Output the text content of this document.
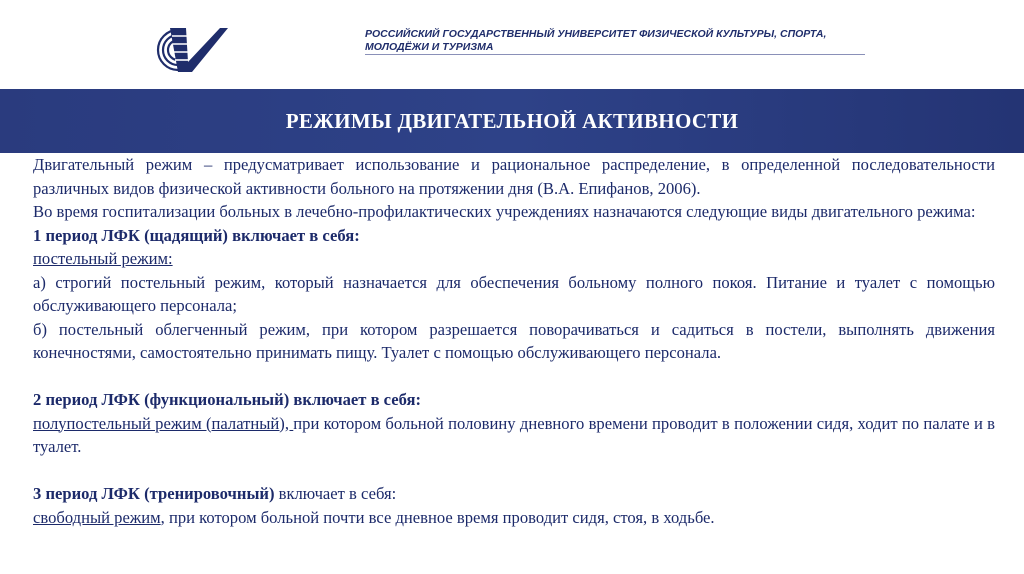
РОССИЙСКИЙ ГОСУДАРСТВЕННЫЙ УНИВЕРСИТЕТ ФИЗИЧЕСКОЙ КУЛЬТУРЫ, СПОРТА,
МОЛОДЁЖИ И ТУРИЗМА
РЕЖИМЫ ДВИГАТЕЛЬНОЙ АКТИВНОСТИ

Двигательный режим – предусматривает использование и рациональное распределение, в определенной последовательности различных видов физической активности больного на протяжении дня (В.А. Епифанов, 2006).

Во время госпитализации больных в лечебно-профилактических учреждениях назначаются следующие виды двигательного режима:

1 период ЛФК (щадящий) включает в себя:

постельный режим:

а) строгий постельный режим, который назначается для обеспечения больному полного покоя. Питание и туалет с помощью обслуживающего персонала;

б) постельный облегченный режим, при котором разрешается поворачиваться и садиться в постели, выполнять движения конечностями, самостоятельно принимать пищу. Туалет с помощью обслуживающего персонала.

2 период ЛФК (функциональный) включает в себя:

полупостельный режим (палатный), при котором больной половину дневного времени проводит в положении сидя, ходит по палате и в туалет.

3 период ЛФК (тренировочный) включает в себя:

свободный режим, при котором больной почти все дневное время проводит сидя, стоя, в ходьбе.
